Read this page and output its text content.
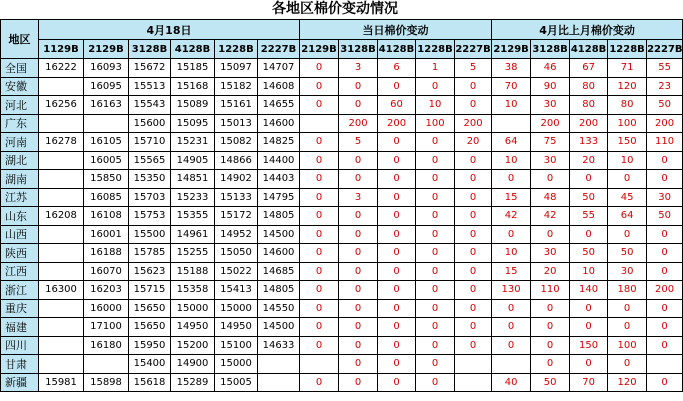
各地区棉价变动情况
地区	4月18日						当日棉价变动					4月比上月棉价变动				
	1129B	2129B	3128B	4128B	1228B	2227B	2129B	3128B	4128B	1228B	2227B	2129B	3128B	4128B	1228B	2227B
全国	16222	16093	15672	15185	15097	14707	0	3	6	1	5	38	46	67	71	55
安徽		16095	15513	15168	15182	14608	0	0	0	0	0	70	90	80	120	23
河北	16256	16163	15543	15089	15161	14655	0	0	60	10	0	10	30	80	80	50
广东			15600	15095	15013	14600		200	200	100	200		200	200	100	200
河南	16278	16105	15710	15231	15082	14825	0	5	0	0	20	64	75	133	150	110
湖北		16005	15565	14905	14866	14400	0	0	0	0	0	10	30	20	10	0
湖南		15850	15350	14851	14902	14403	0	0	0	0	0	0	0	0	0	0
江苏		16085	15703	15233	15133	14795	0	3	0	0	0	15	48	50	45	30
山东	16208	16108	15753	15355	15172	14805	0	0	0	0	0	42	42	55	64	50
山西		16001	15500	14961	14952	14500	0	0	0	0	0	0	0	0	0	0
陕西		16188	15785	15255	15050	14600	0	0	0	0	0	10	30	50	50	0
江西		16070	15623	15188	15022	14685	0	0	0	0	0	15	20	10	30	0
浙江	16300	16203	15715	15358	15413	14805	0	0	0	0	0	130	110	140	180	200
重庆		16000	15650	15000	15000	14550	0	0	0	0	0	0	0	0	0	0
福建		17100	15650	14950	14950	14500	0	0	0	0	0	0	0	0	0	0
四川		16180	15950	15200	15100	14633	0	0	0	0	0	0	0	150	100	0
甘肃			15400	14900	15000			0	0	0			0	0	0	
新疆	15981	15898	15618	15289	15005		0	0	0	0		40	50	70	120	0
